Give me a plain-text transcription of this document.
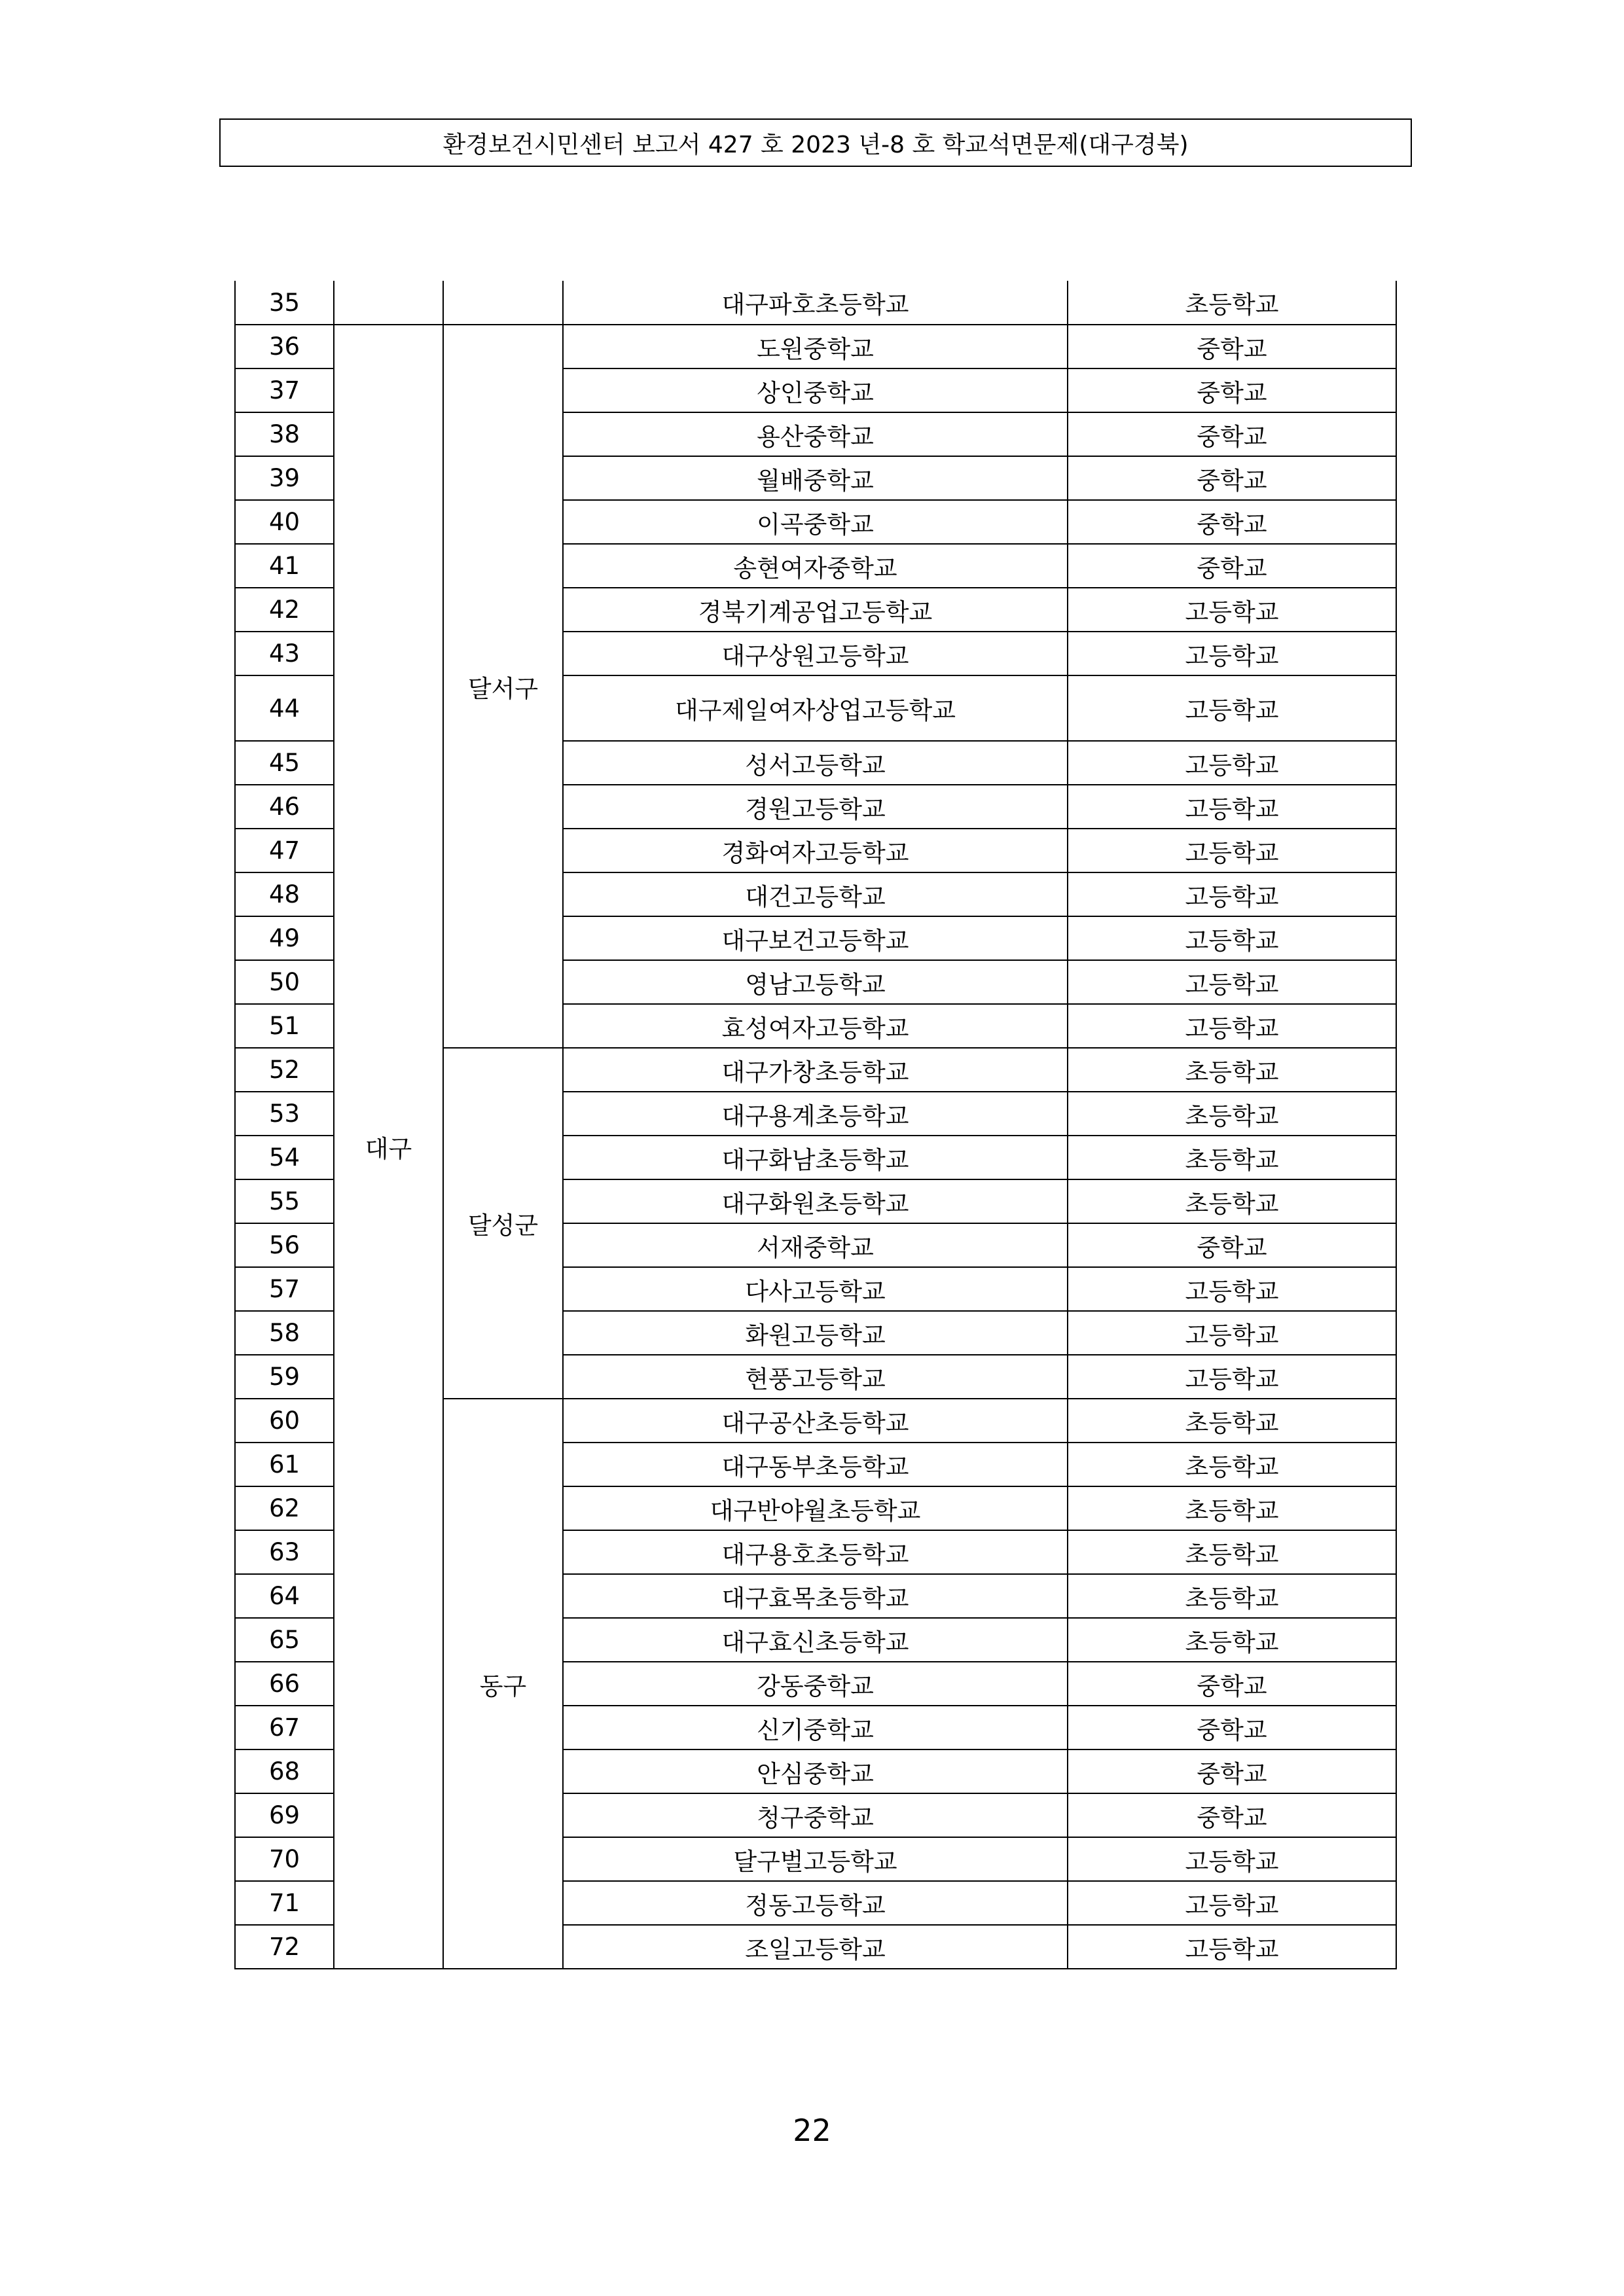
환경보건시민센터 보고서 427 호 2023 년-8 호 학교석면문제(대구경북)
35			대구파호초등학교	초등학교
36	대구	달서구	도원중학교	중학교
37			상인중학교	중학교
38			용산중학교	중학교
39			월배중학교	중학교
40			이곡중학교	중학교
41			송현여자중학교	중학교
42			경북기계공업고등학교	고등학교
43			대구상원고등학교	고등학교
44			대구제일여자상업고등학교	고등학교
45			성서고등학교	고등학교
46			경원고등학교	고등학교
47			경화여자고등학교	고등학교
48			대건고등학교	고등학교
49			대구보건고등학교	고등학교
50			영남고등학교	고등학교
51			효성여자고등학교	고등학교
52		달성군	대구가창초등학교	초등학교
53			대구용계초등학교	초등학교
54			대구화남초등학교	초등학교
55			대구화원초등학교	초등학교
56			서재중학교	중학교
57			다사고등학교	고등학교
58			화원고등학교	고등학교
59			현풍고등학교	고등학교
60		동구	대구공산초등학교	초등학교
61			대구동부초등학교	초등학교
62			대구반야월초등학교	초등학교
63			대구용호초등학교	초등학교
64			대구효목초등학교	초등학교
65			대구효신초등학교	초등학교
66			강동중학교	중학교
67			신기중학교	중학교
68			안심중학교	중학교
69			청구중학교	중학교
70			달구벌고등학교	고등학교
71			정동고등학교	고등학교
72			조일고등학교	고등학교
22
